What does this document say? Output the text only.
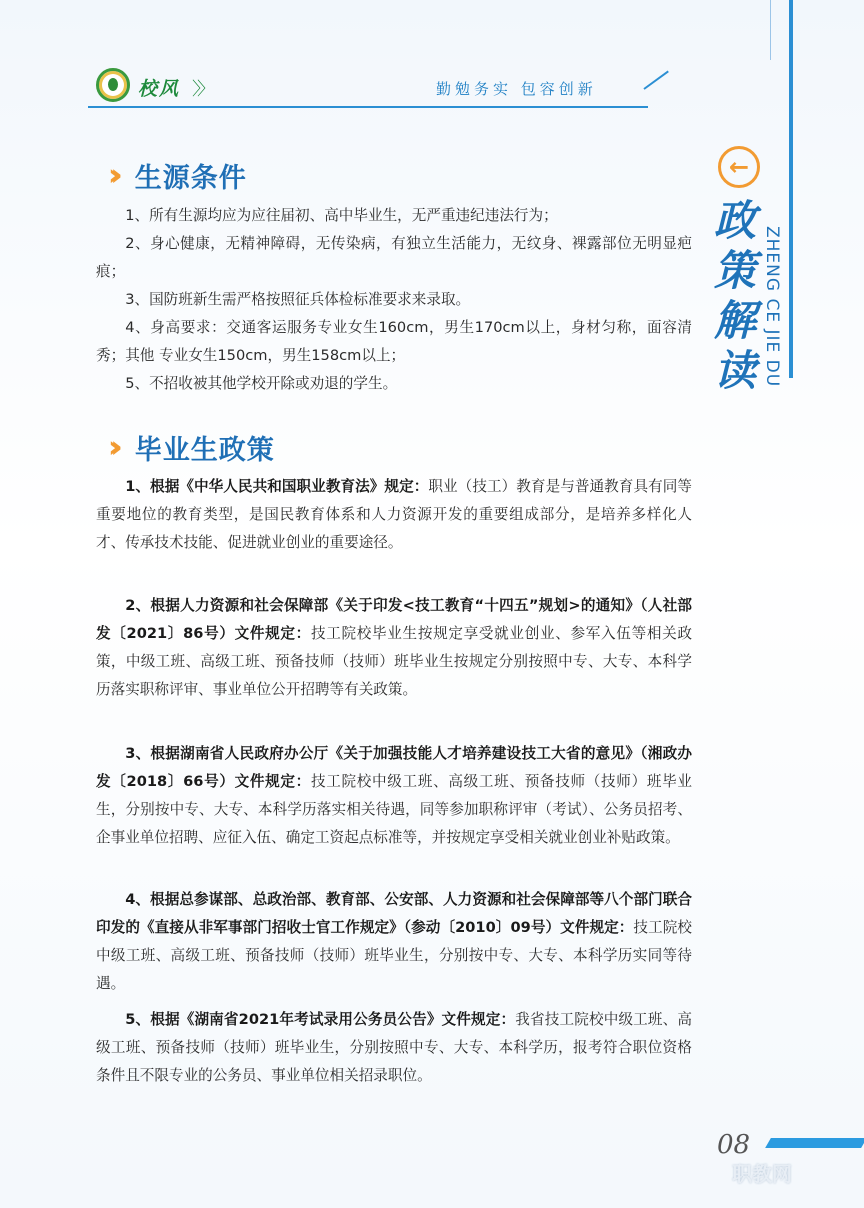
校风 〉〉	勤勉务实 包容创新
←
政策解读 ZHENG CE JIE DU
›› 生源条件
1、所有生源均应为应往届初、高中毕业生，无严重违纪违法行为；
2、身心健康，无精神障碍，无传染病，有独立生活能力，无纹身、裸露部位无明显疤痕；
3、国防班新生需严格按照征兵体检标准要求来录取。
4、身高要求：交通客运服务专业女生160cm，男生170cm以上，身材匀称，面容清秀；其他 专业女生150cm，男生158cm以上；
5、不招收被其他学校开除或劝退的学生。
›› 毕业生政策
1、根据《中华人民共和国职业教育法》规定：职业（技工）教育是与普通教育具有同等重要地位的教育类型，是国民教育体系和人力资源开发的重要组成部分，是培养多样化人才、传承技术技能、促进就业创业的重要途径。
2、根据人力资源和社会保障部《关于印发<技工教育“十四五”规划>的通知》（人社部发〔2021〕86号）文件规定：技工院校毕业生按规定享受就业创业、参军入伍等相关政策，中级工班、高级工班、预备技师（技师）班毕业生按规定分别按照中专、大专、本科学历落实职称评审、事业单位公开招聘等有关政策。
3、根据湖南省人民政府办公厅《关于加强技能人才培养建设技工大省的意见》（湘政办发〔2018〕66号）文件规定：技工院校中级工班、高级工班、预备技师（技师）班毕业生，分别按中专、大专、本科学历落实相关待遇，同等参加职称评审（考试）、公务员招考、企事业单位招聘、应征入伍、确定工资起点标准等，并按规定享受相关就业创业补贴政策。
4、根据总参谋部、总政治部、教育部、公安部、人力资源和社会保障部等八个部门联合印发的《直接从非军事部门招收士官工作规定》（参动〔2010〕09号）文件规定：技工院校中级工班、高级工班、预备技师（技师）班毕业生，分别按中专、大专、本科学历实同等待遇。
5、根据《湖南省2021年考试录用公务员公告》文件规定：我省技工院校中级工班、高级工班、预备技师（技师）班毕业生，分别按照中专、大专、本科学历，报考符合职位资格条件且不限专业的公务员、事业单位相关招录职位。
08
职教网
